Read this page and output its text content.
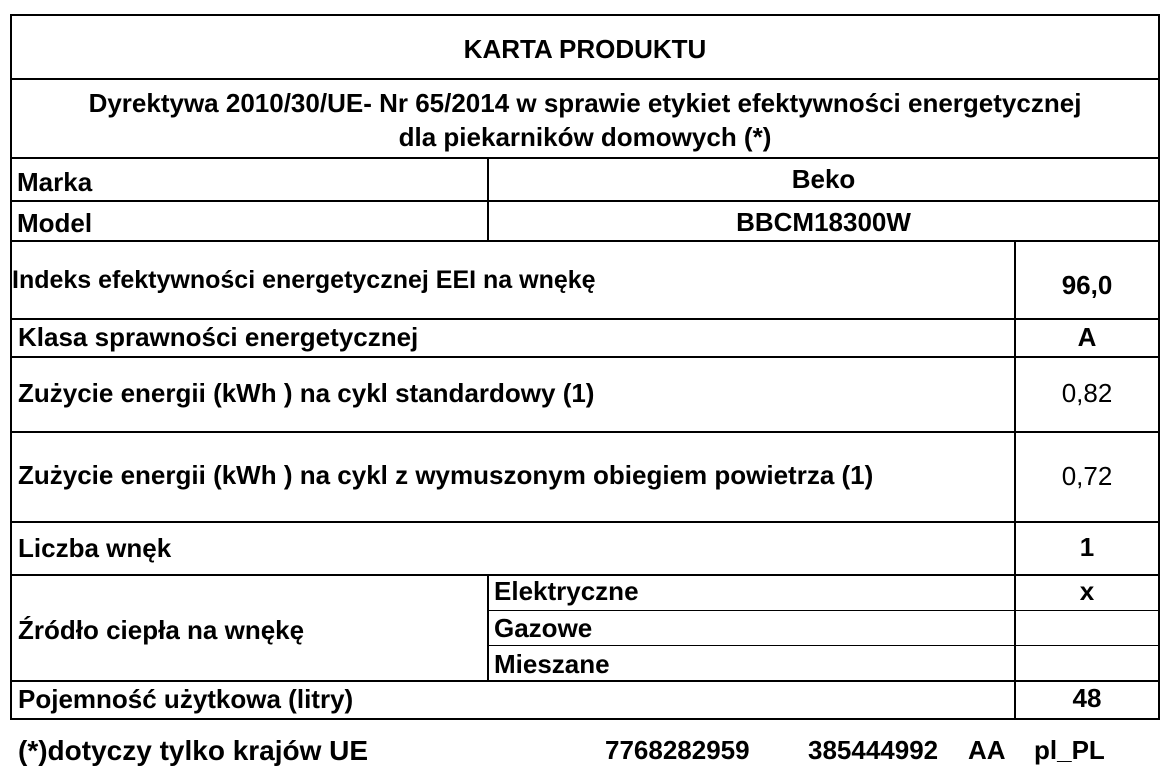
KARTA PRODUKTU
Dyrektywa 2010/30/UE- Nr 65/2014 w sprawie etykiet efektywności energetycznej
dla piekarników domowych (*)
Marka	Beko
Model	BBCM18300W
Indeks efektywności energetycznej EEI na wnękę	96,0
Klasa sprawności energetycznej	A
Zużycie energii (kWh ) na cykl standardowy (1)	0,82
Zużycie energii (kWh ) na cykl z wymuszonym obiegiem powietrza (1)	0,72
Liczba wnęk	1
Źródło ciepła na wnękę
Elektryczne	x
Gazowe
Mieszane
Pojemność użytkowa (litry)	48
(*)dotyczy tylko krajów UE	7768282959 385444992 AA pl_PL
